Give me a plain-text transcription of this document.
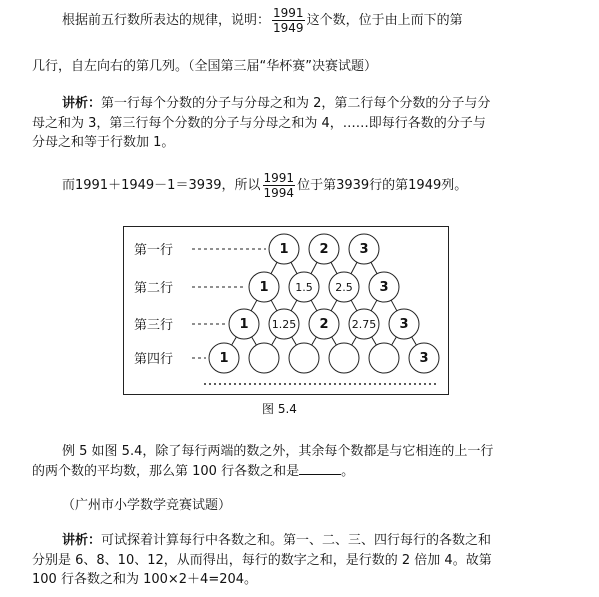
根据前五行数所表达的规律，说明： $\frac{1991}{1949}$ 这个数，位于由上而下的第
几行，自左向右的第几列。（全国第三届“华杯赛”决赛试题）
讲析：第一行每个分数的分子与分母之和为 2，第二行每个分数的分子与分
母之和为 3，第三行每个分数的分子与分母之和为 4，……即每行各数的分子与
分母之和等于行数加 1。
而1991＋1949－1＝3939，所以 $\frac{1991}{1994}$ 位于第3939行的第1949列。
第一行	1 2 3
第二行	1 1.5 2.5 3
第三行	1 1.25 2 2.75 3
第四行	1	3
图 5.4
例 5 如图 5.4，除了每行两端的数之外，其余每个数都是与它相连的上一行
的两个数的平均数，那么第 100 行各数之和是	。
（广州市小学数学竞赛试题）
讲析：可试探着计算每行中各数之和。第一、二、三、四行每行的各数之和
分别是 6、8、10、12，从而得出，每行的数字之和，是行数的 2 倍加 4。故第
100 行各数之和为 100×2＋4=204。
